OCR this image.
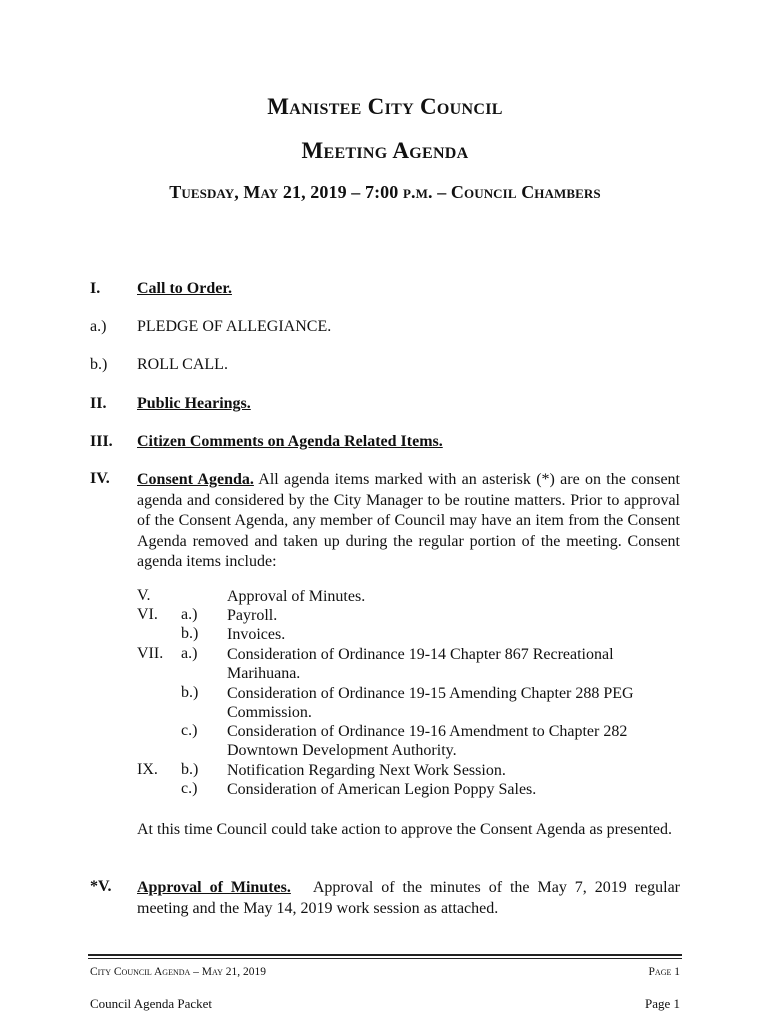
Manistee City Council
Meeting Agenda
Tuesday, May 21, 2019 – 7:00 p.m. – Council Chambers
I. Call to Order.
a.) PLEDGE OF ALLEGIANCE.
b.) ROLL CALL.
II. Public Hearings.
III. Citizen Comments on Agenda Related Items.
IV. Consent Agenda. All agenda items marked with an asterisk (*) are on the consent agenda and considered by the City Manager to be routine matters. Prior to approval of the Consent Agenda, any member of Council may have an item from the Consent Agenda removed and taken up during the regular portion of the meeting. Consent agenda items include:
V.	Approval of Minutes.
VI. a.) Payroll.
b.) Invoices.
VII. a.) Consideration of Ordinance 19-14 Chapter 867 Recreational
Marihuana.
b.) Consideration of Ordinance 19-15 Amending Chapter 288 PEG
Commission.
c.) Consideration of Ordinance 19-16 Amendment to Chapter 282
Downtown Development Authority.
IX. b.) Notification Regarding Next Work Session.
c.) Consideration of American Legion Poppy Sales.
At this time Council could take action to approve the Consent Agenda as presented.
*V. Approval of Minutes. Approval of the minutes of the May 7, 2019 regular meeting and the May 14, 2019 work session as attached.
City Council Agenda – May 21, 2019	Page 1
Council Agenda Packet	Page 1
